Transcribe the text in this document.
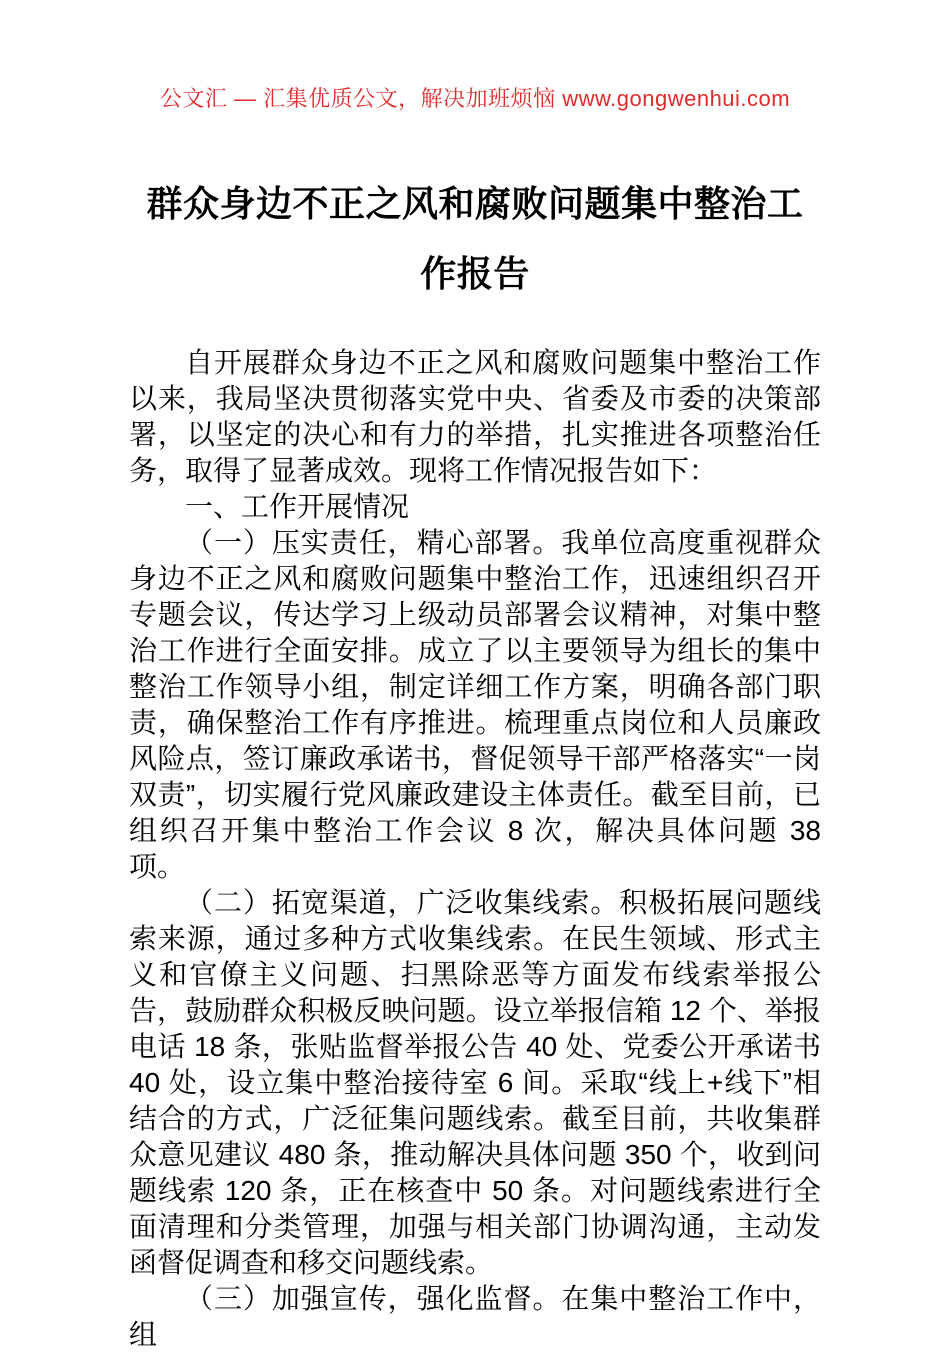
公文汇 — 汇集优质公文，解决加班烦恼 www.gongwenhui.com
群众身边不正之风和腐败问题集中整治工作报告

自开展群众身边不正之风和腐败问题集中整治工作以来，我局坚决贯彻落实党中央、省委及市委的决策部署，以坚定的决心和有力的举措，扎实推进各项整治任务，取得了显著成效。现将工作情况报告如下：

一、工作开展情况

（一）压实责任，精心部署。我单位高度重视群众身边不正之风和腐败问题集中整治工作，迅速组织召开专题会议，传达学习上级动员部署会议精神，对集中整治工作进行全面安排。成立了以主要领导为组长的集中整治工作领导小组，制定详细工作方案，明确各部门职责，确保整治工作有序推进。梳理重点岗位和人员廉政风险点，签订廉政承诺书，督促领导干部严格落实“一岗双责”，切实履行党风廉政建设主体责任。截至目前，已组织召开集中整治工作会议 8 次，解决具体问题 38 项。

（二）拓宽渠道，广泛收集线索。积极拓展问题线索来源，通过多种方式收集线索。在民生领域、形式主义和官僚主义问题、扫黑除恶等方面发布线索举报公告，鼓励群众积极反映问题。设立举报信箱 12 个、举报电话 18 条，张贴监督举报公告 40 处、党委公开承诺书 40 处，设立集中整治接待室 6 间。采取“线上+线下”相结合的方式，广泛征集问题线索。截至目前，共收集群众意见建议 480 条，推动解决具体问题 350 个，收到问题线索 120 条，正在核查中 50 条。对问题线索进行全面清理和分类管理，加强与相关部门协调沟通，主动发函督促调查和移交问题线索。

（三）加强宣传，强化监督。在集中整治工作中，组
